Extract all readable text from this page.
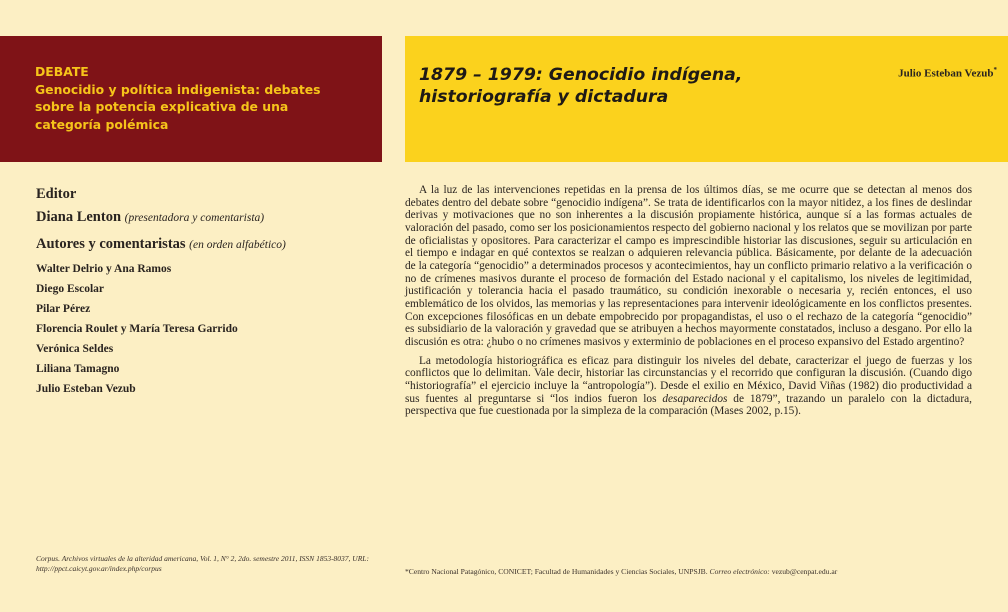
DEBATE
Genocidio y política indigenista: debates sobre la potencia explicativa de una categoría polémica
1879 – 1979: Genocidio indígena, historiografía y dictadura
Julio Esteban Vezub*
Editor
Diana Lenton (presentadora y comentarista)
Autores y comentaristas (en orden alfabético)
Walter Delrio y Ana Ramos
Diego Escolar
Pilar Pérez
Florencia Roulet y María Teresa Garrido
Verónica Seldes
Liliana Tamagno
Julio Esteban Vezub
Corpus. Archivos virtuales de la alteridad americana, Vol. 1, N° 2, 2do. semestre 2011, ISSN 1853-8037, URL: http://ppct.caicyt.gov.ar/index.php/corpus

A la luz de las intervenciones repetidas en la prensa de los últimos días, se me ocurre que se detectan al menos dos debates dentro del debate sobre “genocidio indígena”. Se trata de identificarlos con la mayor nitidez, a los fines de deslindar derivas y motivaciones que no son inherentes a la discusión propiamente histórica, aunque sí a las formas actuales de valoración del pasado, como ser los posicionamientos respecto del gobierno nacional y los relatos que se movilizan por parte de oficialistas y opositores. Para caracterizar el campo es imprescindible historiar las discusiones, seguir su articulación en el tiempo e indagar en qué contextos se realzan o adquieren relevancia pública. Básicamente, por delante de la adecuación de la categoría “genocidio” a determinados procesos y acontecimientos, hay un conflicto primario relativo a la verificación o no de crímenes masivos durante el proceso de formación del Estado nacional y el capitalismo, los niveles de legitimidad, justificación y tolerancia hacia el pasado traumático, su condición inexorable o necesaria y, recién entonces, el uso emblemático de los olvidos, las memorias y las representaciones para intervenir ideológicamente en los conflictos presentes. Con excepciones filosóficas en un debate empobrecido por propagandistas, el uso o el rechazo de la categoría “genocidio” es subsidiario de la valoración y gravedad que se atribuyen a hechos mayormente constatados, incluso a desgano. Por ello la discusión es otra: ¿hubo o no crímenes masivos y exterminio de poblaciones en el proceso expansivo del Estado argentino?

La metodología historiográfica es eficaz para distinguir los niveles del debate, caracterizar el juego de fuerzas y los conflictos que lo delimitan. Vale decir, historiar las circunstancias y el recorrido que configuran la discusión. (Cuando digo “historiografía” el ejercicio incluye la “antropología”). Desde el exilio en México, David Viñas (1982) dio productividad a sus fuentes al preguntarse si “los indios fueron los desaparecidos de 1879”, trazando un paralelo con la dictadura, perspectiva que fue cuestionada por la simpleza de la comparación (Mases 2002, p.15).

*Centro Nacional Patagónico, CONICET; Facultad de Humanidades y Ciencias Sociales, UNPSJB. Correo electrónico: vezub@cenpat.edu.ar
